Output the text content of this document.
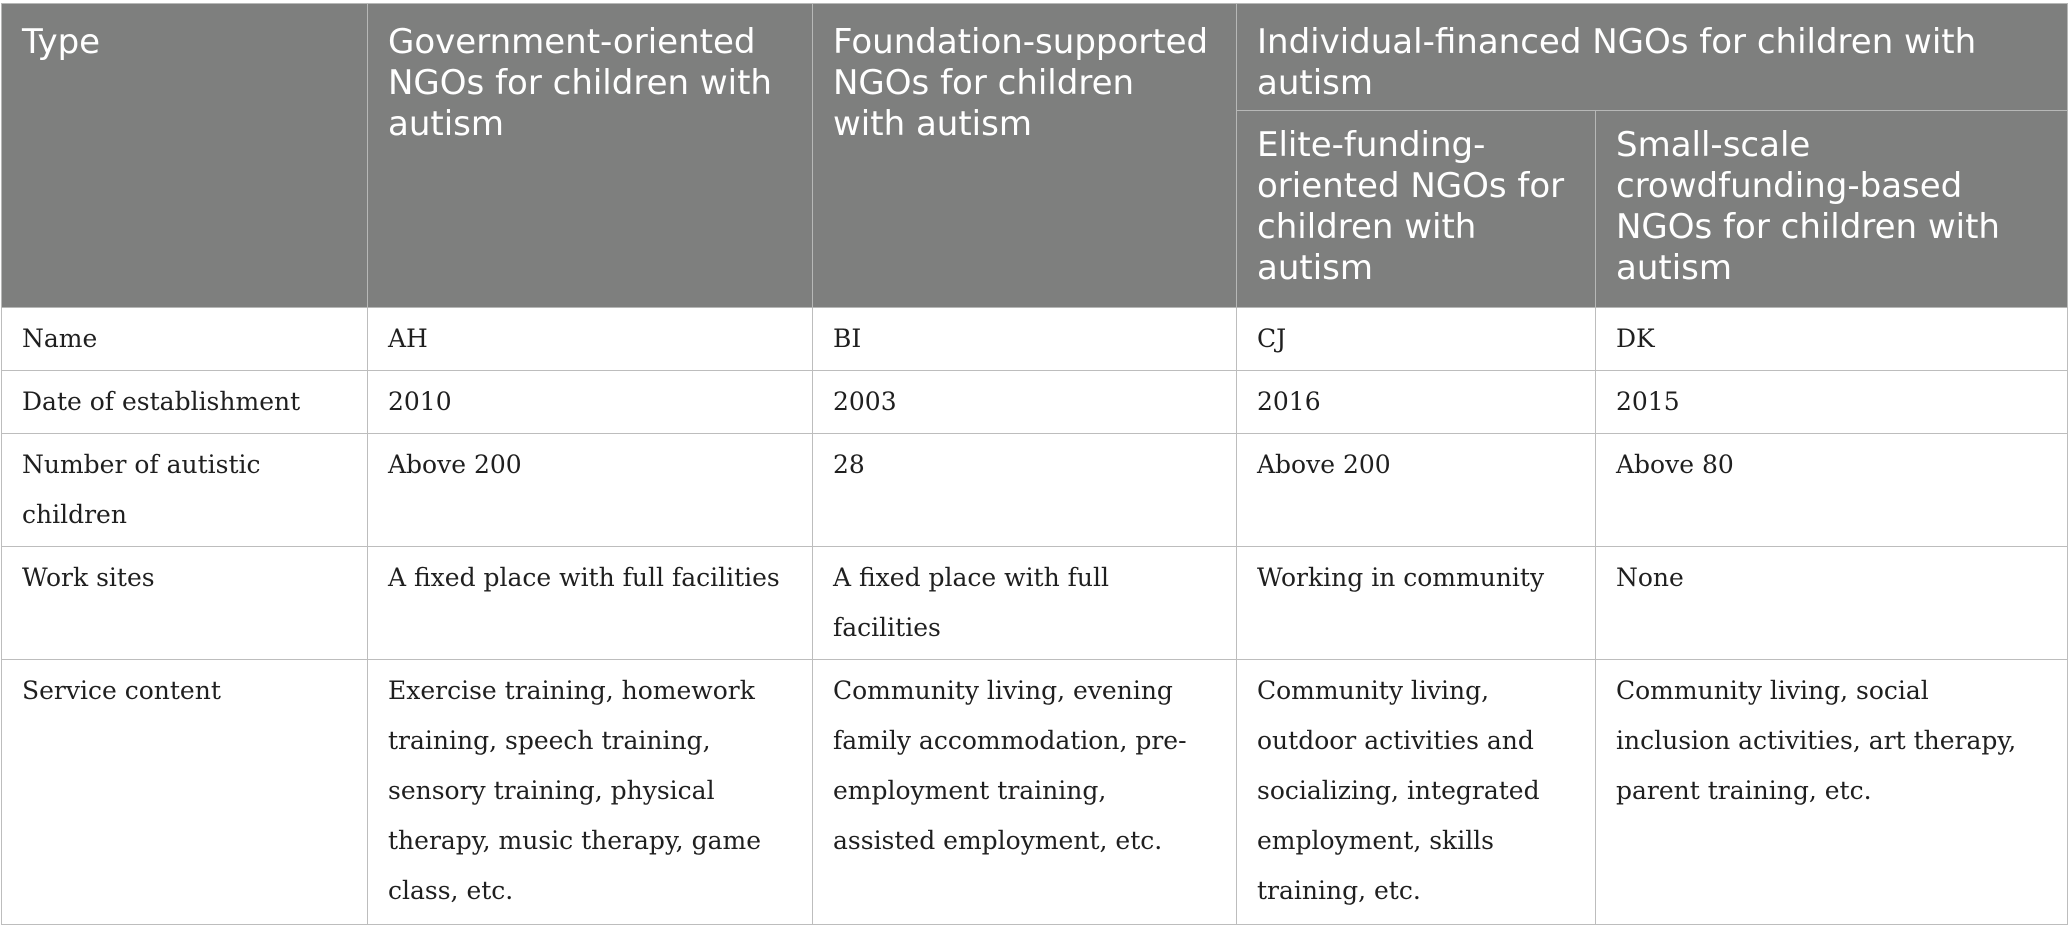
Type	Government-oriented NGOs for children with autism	Foundation-supported NGOs for children with autism	Individual-financed NGOs for children with autism	
			Elite-funding-oriented NGOs for children with autism	Small-scale crowdfunding-based NGOs for children with autism
Name	AH	BI	CJ	DK
Date of establishment	2010	2003	2016	2015
Number of autistic children	Above 200	28	Above 200	Above 80
Work sites	A fixed place with full facilities	A fixed place with full facilities	Working in community	None
Service content	Exercise training, homework training, speech training, sensory training, physical therapy, music therapy, game class, etc.	Community living, evening family accommodation, pre-employment training, assisted employment, etc.	Community living, outdoor activities and socializing, integrated employment, skills training, etc.	Community living, social inclusion activities, art therapy, parent training, etc.
